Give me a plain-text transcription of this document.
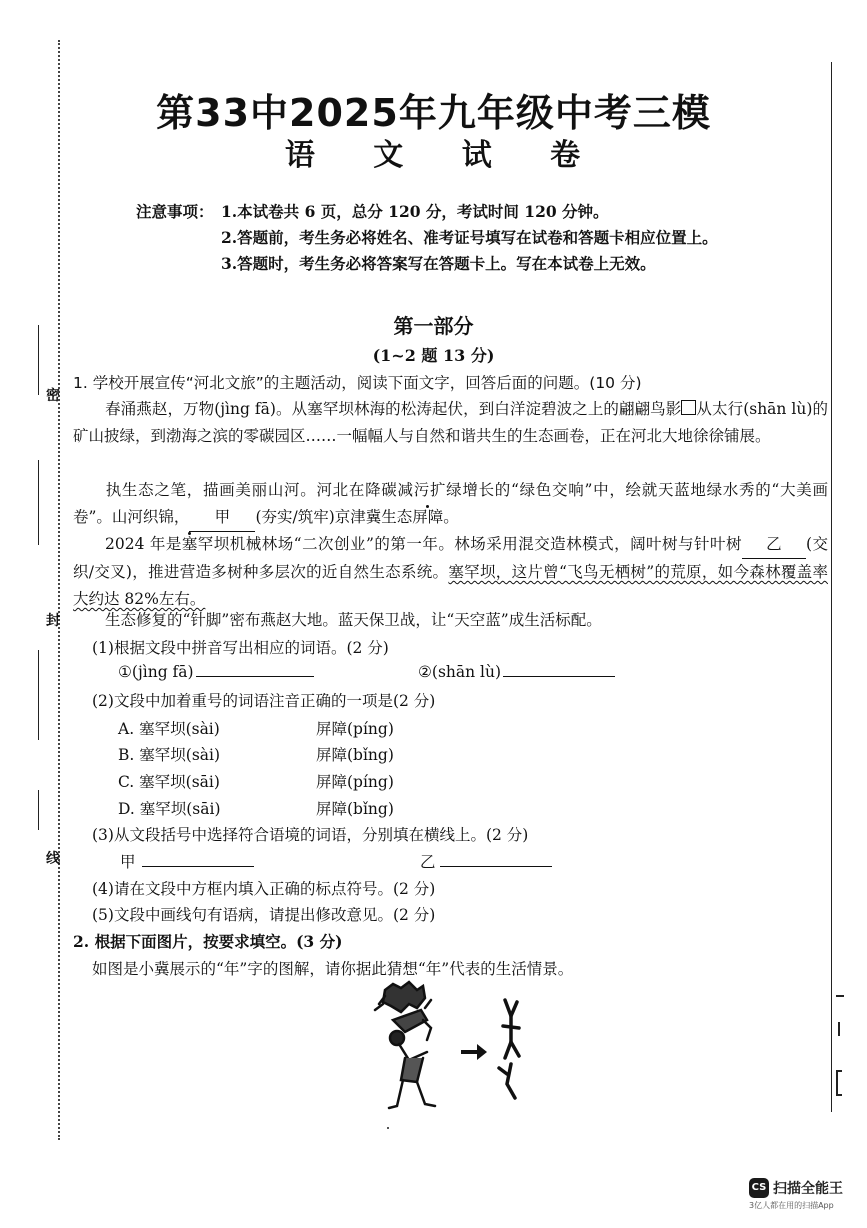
密
封
线
第33中2025年九年级中考三模
语 文 试 卷
注意事项： 1.本试卷共 6 页，总分 120 分，考试时间 120 分钟。
2.答题前，考生务必将姓名、准考证号填写在试卷和答题卡相应位置上。
3.答题时，考生务必将答案写在答题卡上。写在本试卷上无效。
第一部分
(1~2 题 13 分)
1. 学校开展宣传“河北文旅”的主题活动，阅读下面文字，回答后面的问题。(10 分)
春涌燕赵，万物(jìng fā)。从塞罕坝林海的松涛起伏，到白洋淀碧波之上的翩翩鸟影 从太行(shān lù)的矿山披绿，到渤海之滨的零碳园区……一幅幅人与自然和谐共生的生态画卷，正在河北大地徐徐铺展。
执生态之笔，描画美丽山河。河北在降碳减污扩绿增长的“绿色交响”中，绘就天蓝地绿水秀的“大美画卷”。山河织锦， 甲 (夯实/筑牢)京津冀生态屏障。
2024 年是塞罕坝机械林场“二次创业”的第一年。林场采用混交造林模式，阔叶树与针叶树 乙 (交织/交叉)，推进营造多树种多层次的近自然生态系统。塞罕坝，这片曾“飞鸟无栖树”的荒原，如今森林覆盖率大约达 82%左右。
生态修复的“针脚”密布燕赵大地。蓝天保卫战，让“天空蓝”成生活标配。
(1)根据文段中拼音写出相应的词语。(2 分)
①(jìng fā)	②(shān lù)
(2)文段中加着重号的词语注音正确的一项是(2 分)
A. 塞罕坝(sài)	屏障(píng)
B. 塞罕坝(sài)	屏障(bǐng)
C. 塞罕坝(sāi)	屏障(píng)
D. 塞罕坝(sāi)	屏障(bǐng)
(3)从文段括号中选择符合语境的词语，分别填在横线上。(2 分)
甲	乙
(4)请在文段中方框内填入正确的标点符号。(2 分)
(5)文段中画线句有语病，请提出修改意见。(2 分)
2. 根据下面图片，按要求填空。(3 分)
如图是小冀展示的“年”字的图解，请你据此猜想“年”代表的生活情景。
CS 扫描全能王
3亿人都在用的扫描App
